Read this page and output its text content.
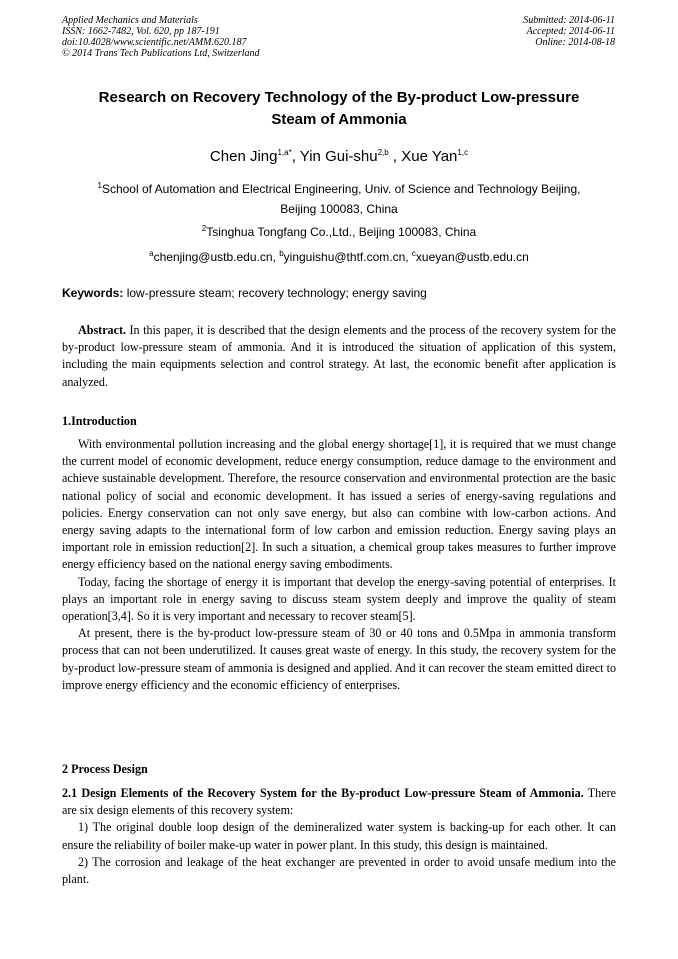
Applied Mechanics and Materials
ISSN: 1662-7482, Vol. 620, pp 187-191
doi:10.4028/www.scientific.net/AMM.620.187
© 2014 Trans Tech Publications Ltd, Switzerland
Submitted: 2014-06-11
Accepted: 2014-06-11
Online: 2014-08-18
Research on Recovery Technology of the By-product Low-pressure
Steam of Ammonia
Chen Jing$^{1,a*}$, Yin Gui-shu$^{2,b}$ , Xue Yan$^{1,c}$
$^1$School of Automation and Electrical Engineering, Univ. of Science and Technology Beijing,
Beijing 100083, China
$^2$Tsinghua Tongfang Co.,Ltd., Beijing 100083, China
$^a$chenjing@ustb.edu.cn, $^b$yinguishu@thtf.com.cn, $^c$xueyan@ustb.edu.cn
Keywords: low-pressure steam; recovery technology; energy saving

Abstract. In this paper, it is described that the design elements and the process of the recovery system for the by-product low-pressure steam of ammonia. And it is introduced the situation of application of this system, including the main equipments selection and control strategy. At last, the economic benefit after application is analyzed.

1.Introduction

With environmental pollution increasing and the global energy shortage[1], it is required that we must change the current model of economic development, reduce energy consumption, reduce damage to the environment and achieve sustainable development. Therefore, the resource conservation and environmental protection are the basic national policy of social and economic development. It has issued a series of energy-saving regulations and policies. Energy conservation can not only save energy, but also can combine with low-carbon actions. And energy saving adapts to the international form of low carbon and emission reduction. Energy saving plays an important role in emission reduction[2]. In such a situation, a chemical group takes measures to further improve energy efficiency based on the national energy saving embodiments.

Today, facing the shortage of energy it is important that develop the energy-saving potential of enterprises. It plays an important role in energy saving to discuss steam system deeply and improve the quality of steam operation[3,4]. So it is very important and necessary to recover steam[5].

At present, there is the by-product low-pressure steam of 30 or 40 tons and 0.5Mpa in ammonia transform process that can not been underutilized. It causes great waste of energy. In this study, the recovery system for the by-product low-pressure steam of ammonia is designed and applied. And it can recover the steam emitted direct to improve energy efficiency and the economic efficiency of enterprises.

2 Process Design

2.1 Design Elements of the Recovery System for the By-product Low-pressure Steam of Ammonia. There are six design elements of this recovery system:

1) The original double loop design of the demineralized water system is backing-up for each other. It can ensure the reliability of boiler make-up water in power plant. In this study, this design is maintained.

2) The corrosion and leakage of the heat exchanger are prevented in order to avoid unsafe medium into the plant.
